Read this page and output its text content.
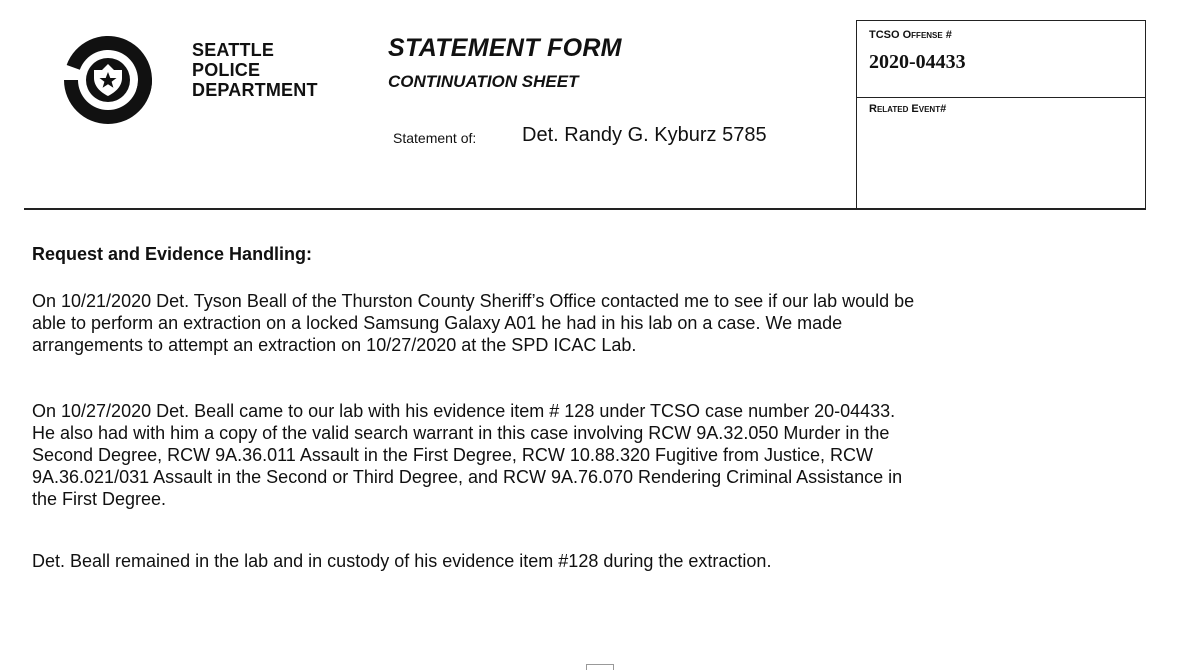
SEATTLE
POLICE
DEPARTMENT
STATEMENT FORM
CONTINUATION SHEET
Statement of: Det. Randy G. Kyburz 5785
TCSO Offense #
2020-04433
Related Event#
Request and Evidence Handling:
On 10/21/2020 Det. Tyson Beall of the Thurston County Sheriff’s Office contacted me to see if our lab would be
able to perform an extraction on a locked Samsung Galaxy A01 he had in his lab on a case. We made
arrangements to attempt an extraction on 10/27/2020 at the SPD ICAC Lab.
On 10/27/2020 Det. Beall came to our lab with his evidence item # 128 under TCSO case number 20-04433.
He also had with him a copy of the valid search warrant in this case involving RCW 9A.32.050 Murder in the
Second Degree, RCW 9A.36.011 Assault in the First Degree, RCW 10.88.320 Fugitive from Justice, RCW
9A.36.021/031 Assault in the Second or Third Degree, and RCW 9A.76.070 Rendering Criminal Assistance in
the First Degree.
Det. Beall remained in the lab and in custody of his evidence item #128 during the extraction.
